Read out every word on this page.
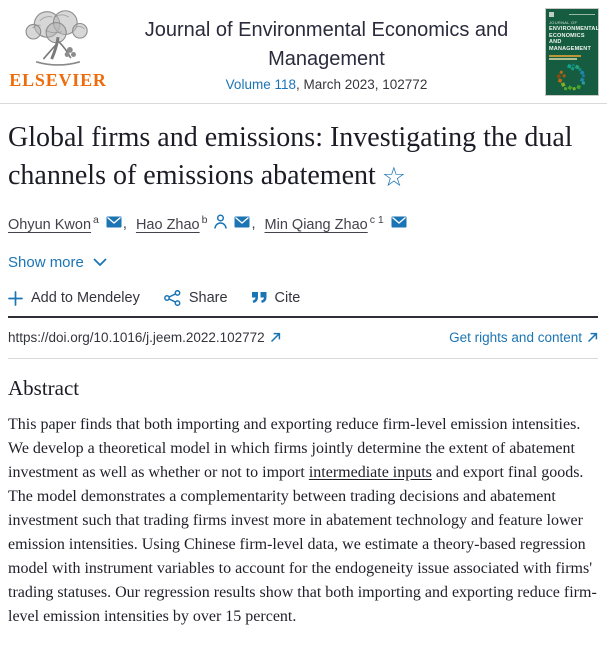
ELSEVIER
Journal of Environmental Economics and Management
Volume 118, March 2023, 102772
JOURNAL OF
ENVIRONMENTAL ECONOMICS AND MANAGEMENT
Global firms and emissions: Investigating the dual channels of emissions abatement ☆
Ohyun Kwon $^a$ , Hao Zhao $^b$	, Min Qiang Zhao $^{c 1}$
Show more
Add to Mendeley	Share	Cite
https://doi.org/10.1016/j.jeem.2022.102772	Get rights and content
Abstract

This paper finds that both importing and exporting reduce firm-level emission intensities. We develop a theoretical model in which firms jointly determine the extent of abatement investment as well as whether or not to import intermediate inputs and export final goods. The model demonstrates a complementarity between trading decisions and abatement investment such that trading firms invest more in abatement technology and feature lower emission intensities. Using Chinese firm-level data, we estimate a theory-based regression model with instrument variables to account for the endogeneity issue associated with firms' trading statuses. Our regression results show that both importing and exporting reduce firm-level emission intensities by over 15 percent.
